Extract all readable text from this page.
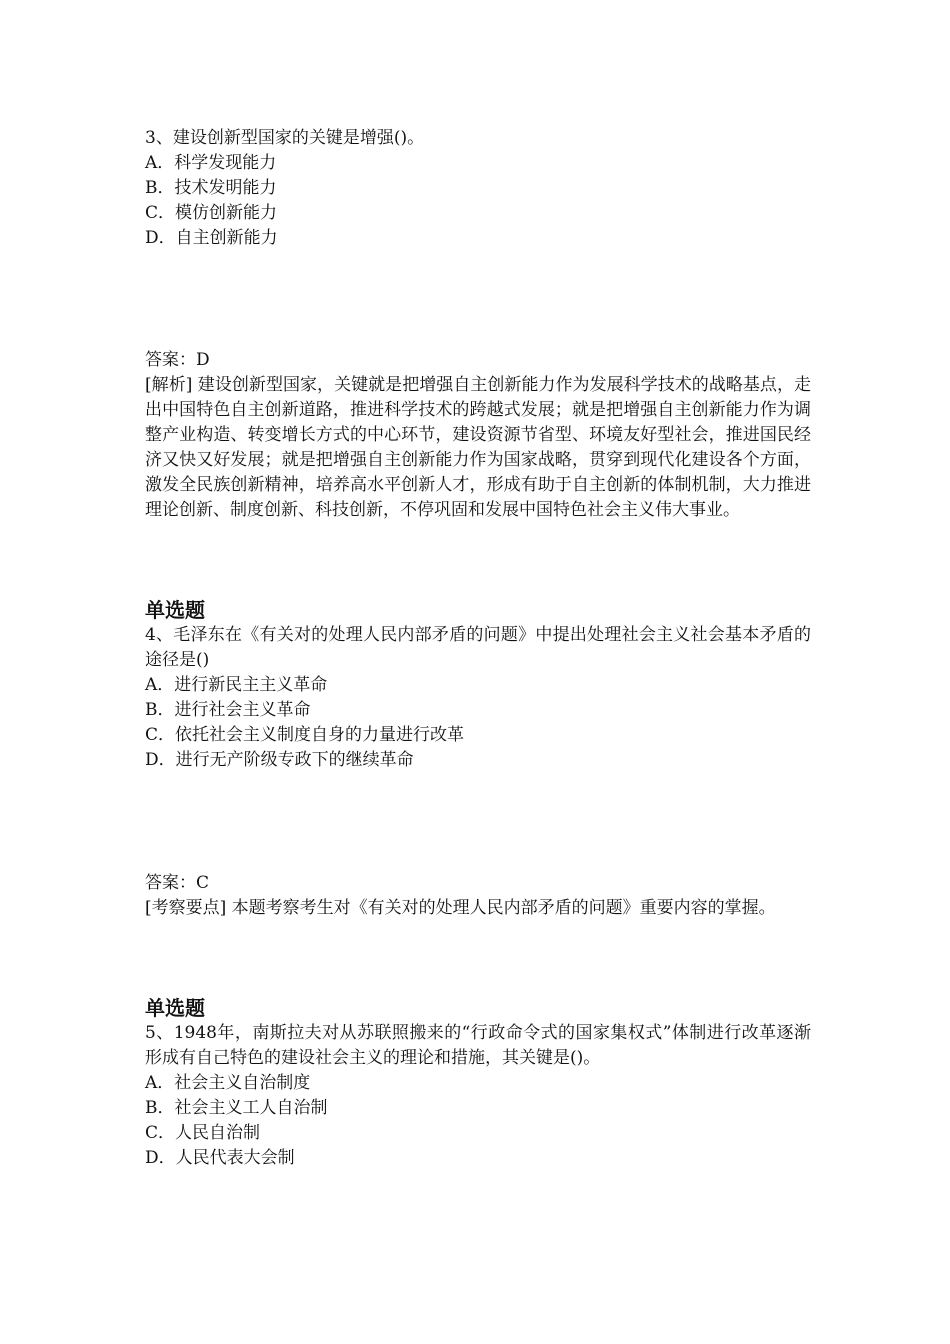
3、建设创新型国家的关键是增强()。
A．科学发现能力
B．技术发明能力
C．模仿创新能力
D．自主创新能力
答案：D
[解析] 建设创新型国家，关键就是把增强自主创新能力作为发展科学技术的战略基点，走出中国特色自主创新道路，推进科学技术的跨越式发展；就是把增强自主创新能力作为调整产业构造、转变增长方式的中心环节，建设资源节省型、环境友好型社会，推进国民经济又快又好发展；就是把增强自主创新能力作为国家战略，贯穿到现代化建设各个方面，激发全民族创新精神，培养高水平创新人才，形成有助于自主创新的体制机制，大力推进理论创新、制度创新、科技创新，不停巩固和发展中国特色社会主义伟大事业。
单选题
4、毛泽东在《有关对的处理人民内部矛盾的问题》中提出处理社会主义社会基本矛盾的途径是()
A．进行新民主主义革命
B．进行社会主义革命
C．依托社会主义制度自身的力量进行改革
D．进行无产阶级专政下的继续革命
答案：C
[考察要点] 本题考察考生对《有关对的处理人民内部矛盾的问题》重要内容的掌握。
单选题
5、1948年，南斯拉夫对从苏联照搬来的“行政命令式的国家集权式”体制进行改革逐渐形成有自己特色的建设社会主义的理论和措施，其关键是()。
A．社会主义自治制度
B．社会主义工人自治制
C．人民自治制
D．人民代表大会制
